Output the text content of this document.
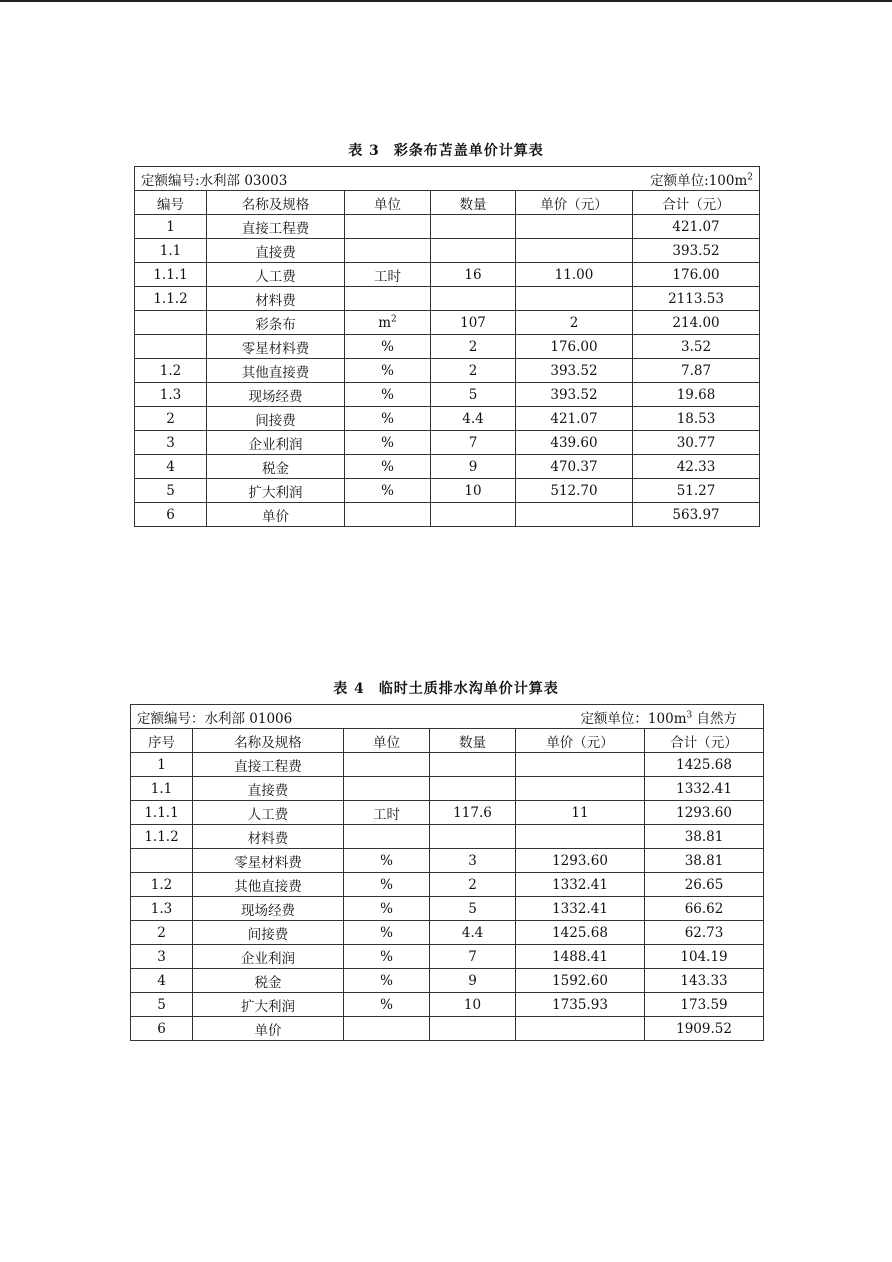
表 3 彩条布苫盖单价计算表
定额编号:水利部 03003 定额单位$:100m^2$

编号	名称及规格	单位	数量	单价（元）	合计（元）
1	直接工程费				421.07
1.1	直接费				393.52
1.1.1	人工费	工时	16	11.00	176.00
1.1.2	材料费				2113.53
	彩条布	$m^2$	107	2	214.00
	零星材料费	%	2	176.00	3.52
1.2	其他直接费	%	2	393.52	7.87
1.3	现场经费	%	5	393.52	19.68
2	间接费	%	4.4	421.07	18.53
3	企业利润	%	7	439.60	30.77
4	税金	%	9	470.37	42.33
5	扩大利润	%	10	512.70	51.27
6	单价				563.97
表 4 临时土质排水沟单价计算表
定额编号：水利部 01006 定额单位：$100m^3$ 自然方					

序号	名称及规格	单位	数量	单价（元）	合计（元）
1	直接工程费				1425.68
1.1	直接费				1332.41
1.1.1	人工费	工时	117.6	11	1293.60
1.1.2	材料费				38.81
	零星材料费	%	3	1293.60	38.81
1.2	其他直接费	%	2	1332.41	26.65
1.3	现场经费	%	5	1332.41	66.62
2	间接费	%	4.4	1425.68	62.73
3	企业利润	%	7	1488.41	104.19
4	税金	%	9	1592.60	143.33
5	扩大利润	%	10	1735.93	173.59
6	单价				1909.52
